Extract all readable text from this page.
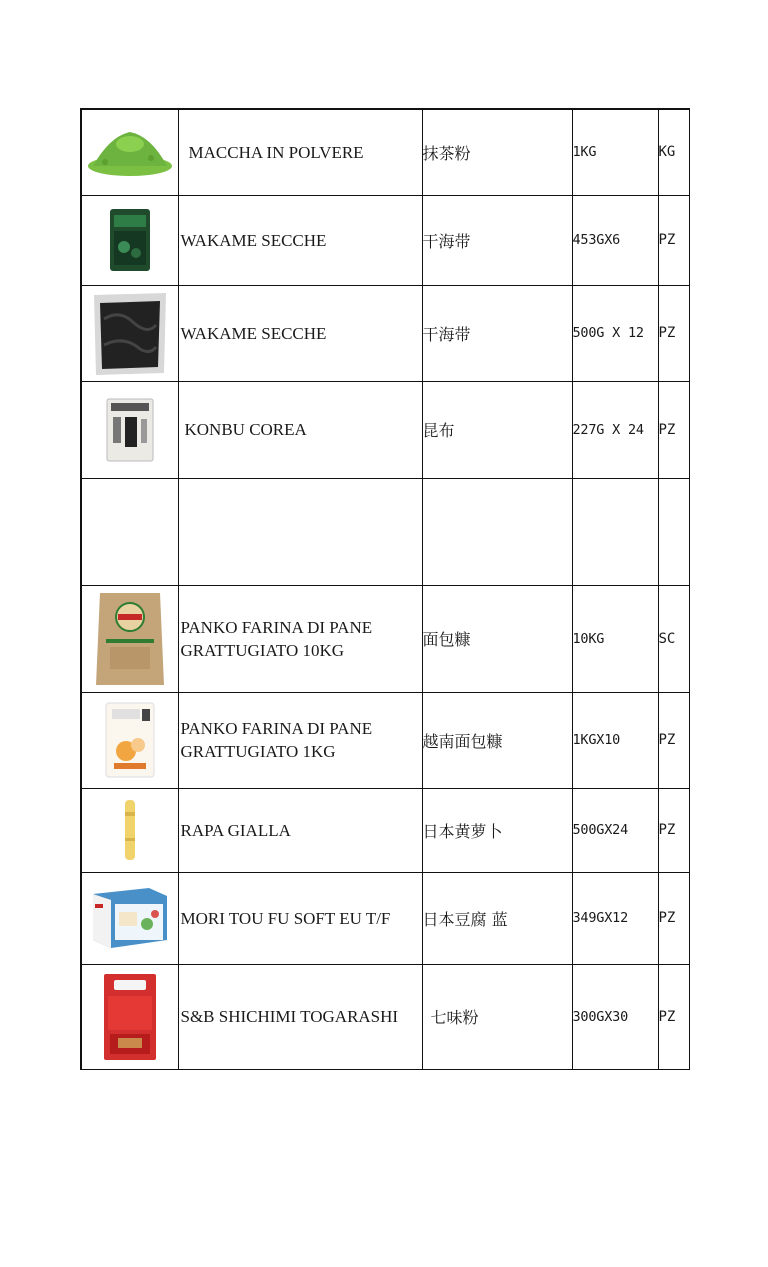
MACCHA IN POLVERE	抹茶粉	1KG	KG

WAKAME SECCHE	干海带	453GX6	PZ

WAKAME SECCHE	干海带	500G X 12	PZ

KONBU COREA	昆布	227G X 24	PZ

PANKO FARINA DI PANE GRATTUGIATO 10KG	面包糠	10KG	SC

PANKO FARINA DI PANE GRATTUGIATO 1KG	越南面包糠	1KGX10	PZ

RAPA GIALLA	日本黄萝卜	500GX24	PZ

MORI TOU FU SOFT EU T/F	日本豆腐 蓝	349GX12	PZ

S&B SHICHIMI TOGARASHI	七味粉	300GX30	PZ
